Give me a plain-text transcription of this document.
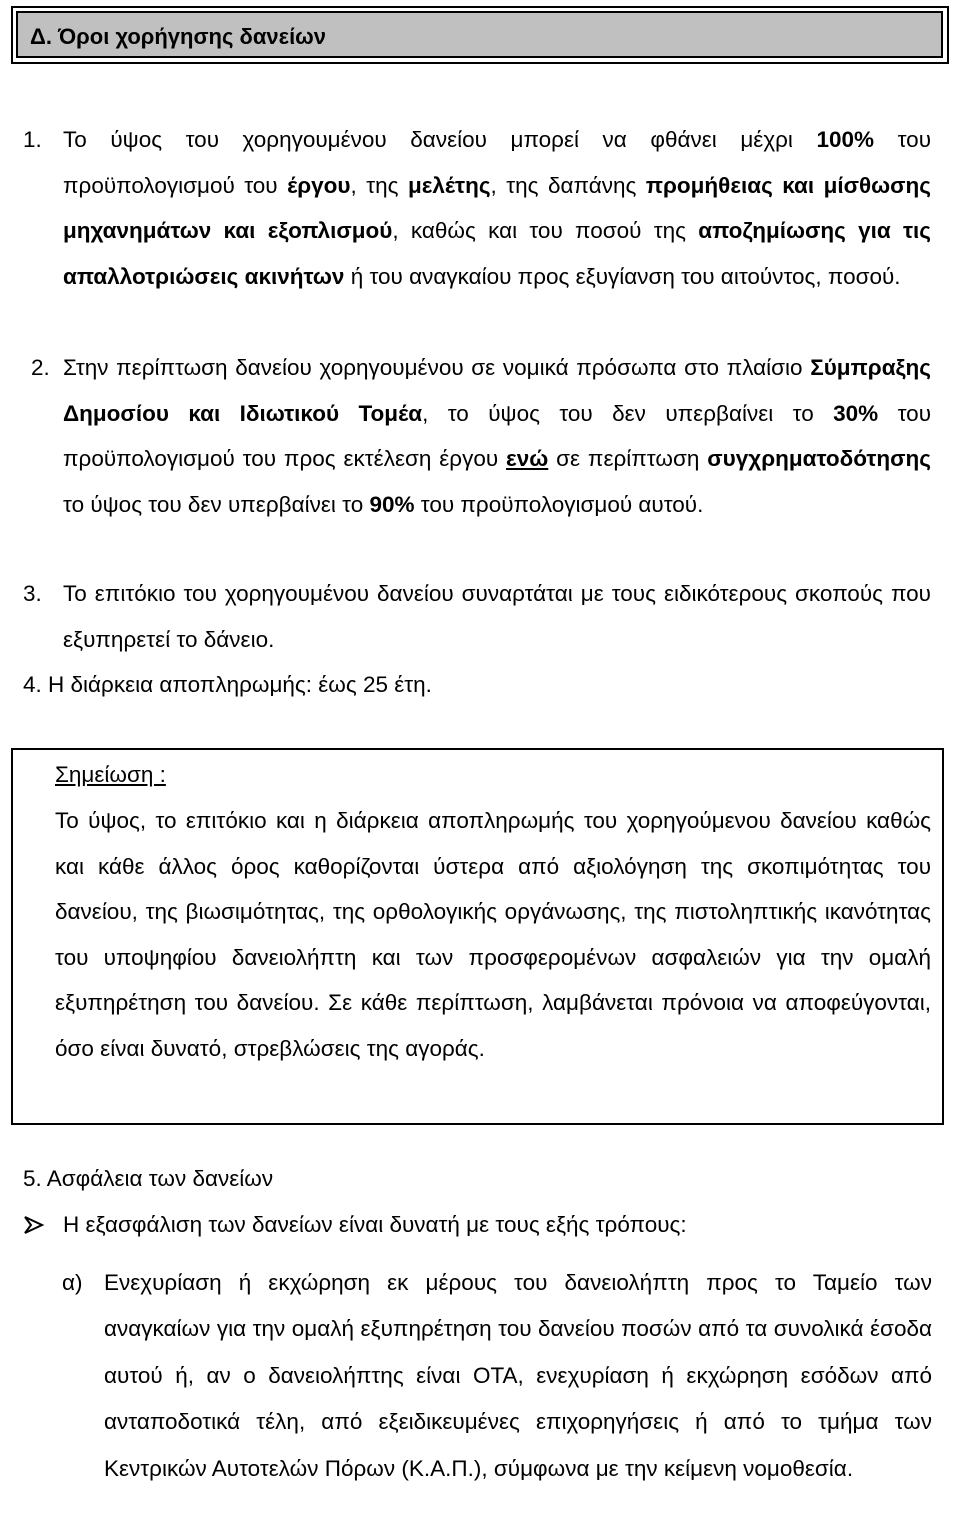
Δ. Όροι χορήγησης δανείων
1. Το ύψος του χορηγουμένου δανείου μπορεί να φθάνει μέχρι 100% του προϋπολογισμού του έργου, της μελέτης, της δαπάνης προμήθειας και μίσθωσης μηχανημάτων και εξοπλισμού, καθώς και του ποσού της αποζημίωσης για τις απαλλοτριώσεις ακινήτων ή του αναγκαίου προς εξυγίανση του αιτούντος, ποσού.
2. Στην περίπτωση δανείου χορηγουμένου σε νομικά πρόσωπα στο πλαίσιο Σύμπραξης Δημοσίου και Ιδιωτικού Τομέα, το ύψος του δεν υπερβαίνει το 30% του προϋπολογισμού του προς εκτέλεση έργου ενώ σε περίπτωση συγχρηματοδότησης το ύψος του δεν υπερβαίνει το 90% του προϋπολογισμού αυτού.
3. Το επιτόκιο του χορηγουμένου δανείου συναρτάται με τους ειδικότερους σκοπούς που εξυπηρετεί το δάνειο.
4. Η διάρκεια αποπληρωμής: έως 25 έτη.
Σημείωση :
Το ύψος, το επιτόκιο και η διάρκεια αποπληρωμής του χορηγούμενου δανείου καθώς και κάθε άλλος όρος καθορίζονται ύστερα από αξιολόγηση της σκοπιμότητας του δανείου, της βιωσιμότητας, της ορθολογικής οργάνωσης, της πιστοληπτικής ικανότητας του υποψηφίου δανειολήπτη και των προσφερομένων ασφαλειών για την ομαλή εξυπηρέτηση του δανείου. Σε κάθε περίπτωση, λαμβάνεται πρόνοια να αποφεύγονται, όσο είναι δυνατό, στρεβλώσεις της αγοράς.
5. Ασφάλεια των δανείων
Η εξασφάλιση των δανείων είναι δυνατή με τους εξής τρόπους:
α) Ενεχυρίαση ή εκχώρηση εκ μέρους του δανειολήπτη προς το Ταμείο των αναγκαίων για την ομαλή εξυπηρέτηση του δανείου ποσών από τα συνολικά έσοδα αυτού ή, αν ο δανειολήπτης είναι ΟΤΑ, ενεχυρίαση ή εκχώρηση εσόδων από ανταποδοτικά τέλη, από εξειδικευμένες επιχορηγήσεις ή από το τμήμα των Κεντρικών Αυτοτελών Πόρων (Κ.Α.Π.), σύμφωνα με την κείμενη νομοθεσία.
